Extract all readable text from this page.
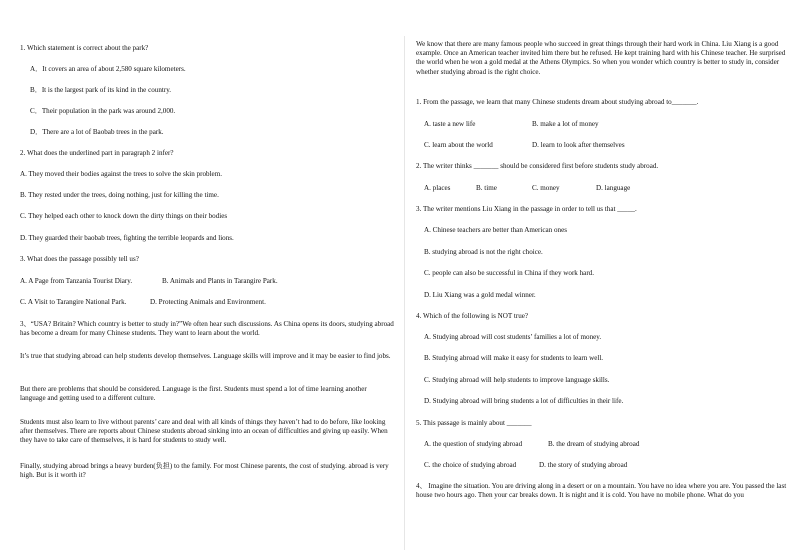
1. Which statement is correct about the park?
A．It covers an area of about 2,580 square kilometers.
B．It is the largest park of its kind in the country.
C．Their population in the park was around 2,000.
D．There are a lot of Baobab trees in the park.
2. What does the underlined part in paragraph 2 infer?
A. They moved their bodies against the trees to solve the skin problem.
B. They rested under the trees, doing nothing, just for killing the time.
C. They helped each other to knock down the dirty things on their bodies
D. They guarded their baobab trees, fighting the terrible leopards and lions.
3. What does the passage possibly tell us?
A. A Page from Tanzania Tourist Diary.	B. Animals and Plants in Tarangire Park.
C. A Visit to Tarangire National Park.	D. Protecting Animals and Environment.
3、“USA? Britain? Which country is better to study in?”We often hear such discussions. As China opens its doors, studying abroad has become a dream for many Chinese students. They want to learn about the world.
It’s true that studying abroad can help students develop themselves. Language skills will improve and it may be easier to find jobs.
But there are problems that should be considered. Language is the first. Students must spend a lot of time learning another language and getting used to a different culture.
Students must also learn to live without parents’ care and deal with all kinds of things they haven’t had to do before, like looking after themselves. There are reports about Chinese students abroad sinking into an ocean of difficulties and giving up easily. When they have to take care of themselves, it is hard for students to study well.
Finally, studying abroad brings a heavy burden(负担) to the family. For most Chinese parents, the cost of studying. abroad is very high. But is it worth it?
We know that there are many famous people who succeed in great things through their hard work in China. Liu Xiang is a good example. Once an American teacher invited him there but he refused. He kept training hard with his Chinese teacher. He surprised the world when he won a gold medal at the Athens Olympics. So when you wonder which country is better to study in, consider whether studying abroad is the right choice.
1. From the passage, we learn that many Chinese students dream about studying abroad to_______.
A. taste a new life	B. make a lot of money
C. learn about the world	D. learn to look after themselves
2. The writer thinks _______ should be considered first before students study abroad.
A. places	B. time	C. money	D. language
3. The writer mentions Liu Xiang in the passage in order to tell us that _____.
A. Chinese teachers are better than American ones
B. studying abroad is not the right choice.
C. people can also be successful in China if they work hard.
D. Liu Xiang was a gold medal winner.
4. Which of the following is NOT true?
A. Studying abroad will cost students’ families a lot of money.
B. Studying abroad will make it easy for students to learn well.
C. Studying abroad will help students to improve language skills.
D. Studying abroad will bring students a lot of difficulties in their life.
5. This passage is mainly about _______
A. the question of studying abroad	B. the dream of studying abroad
C. the choice of studying abroad	D. the story of studying abroad
4、 Imagine the situation. You are driving along in a desert or on a mountain. You have no idea where you are. You passed the last house two hours ago. Then your car breaks down. It is night and it is cold. You have no mobile phone. What do you
